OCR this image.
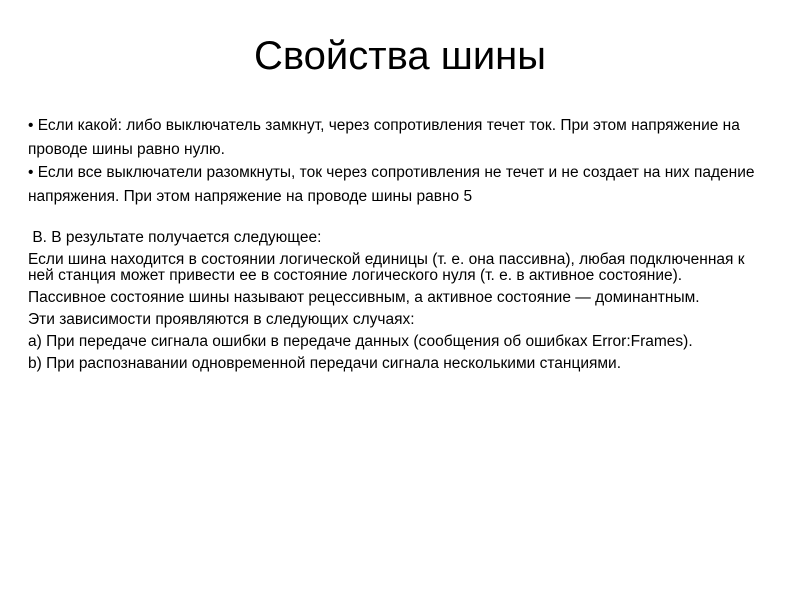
Свойства шины

• Если какой: либо выключатель замкнут, через сопротивления течет ток. При этом напряжение на проводе шины равно нулю.

• Если все выключатели разомкнуты, ток через сопротивления не течет и не создает на них падение напряжения. При этом напряжение на проводе шины равно 5

В. В результате получается следующее:

Если шина находится в состоянии логической единицы (т. е. она пассивна), любая подключенная к ней станция может привести ее в состояние логического нуля (т. е. в активное состояние).

Пассивное состояние шины называют рецессивным, а активное состояние — доминантным.

Эти зависимости проявляются в следующих случаях:

a) При передаче сигнала ошибки в передаче данных (сообщения об ошибках Error:Frames).

b) При распознавании одновременной передачи сигнала несколькими станциями.
